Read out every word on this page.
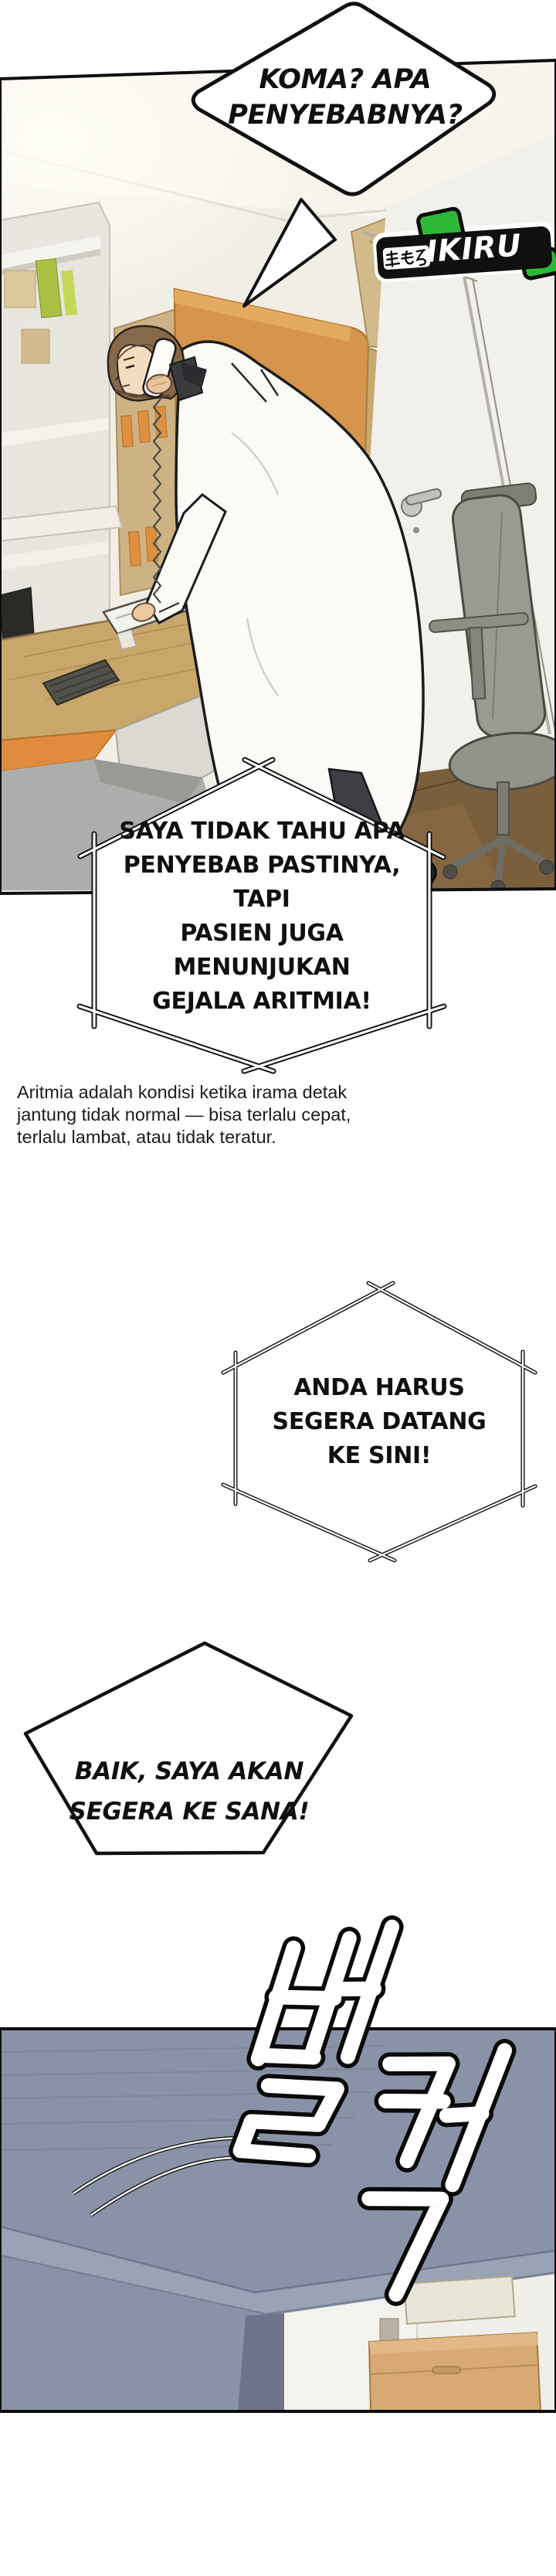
KOMA? APA
PENYEBABNYA?
IKIRU
SAYA TIDAK TAHU APA
PENYEBAB PASTINYA, TAPI
PASIEN JUGA MENUNJUKAN
GEJALA ARITMIA!
Aritmia adalah kondisi ketika irama detak
jantung tidak normal — bisa terlalu cepat,
terlalu lambat, atau tidak teratur.
ANDA HARUS
SEGERA DATANG
KE SINI!
BAIK, SAYA AKAN
SEGERA KE SANA!
